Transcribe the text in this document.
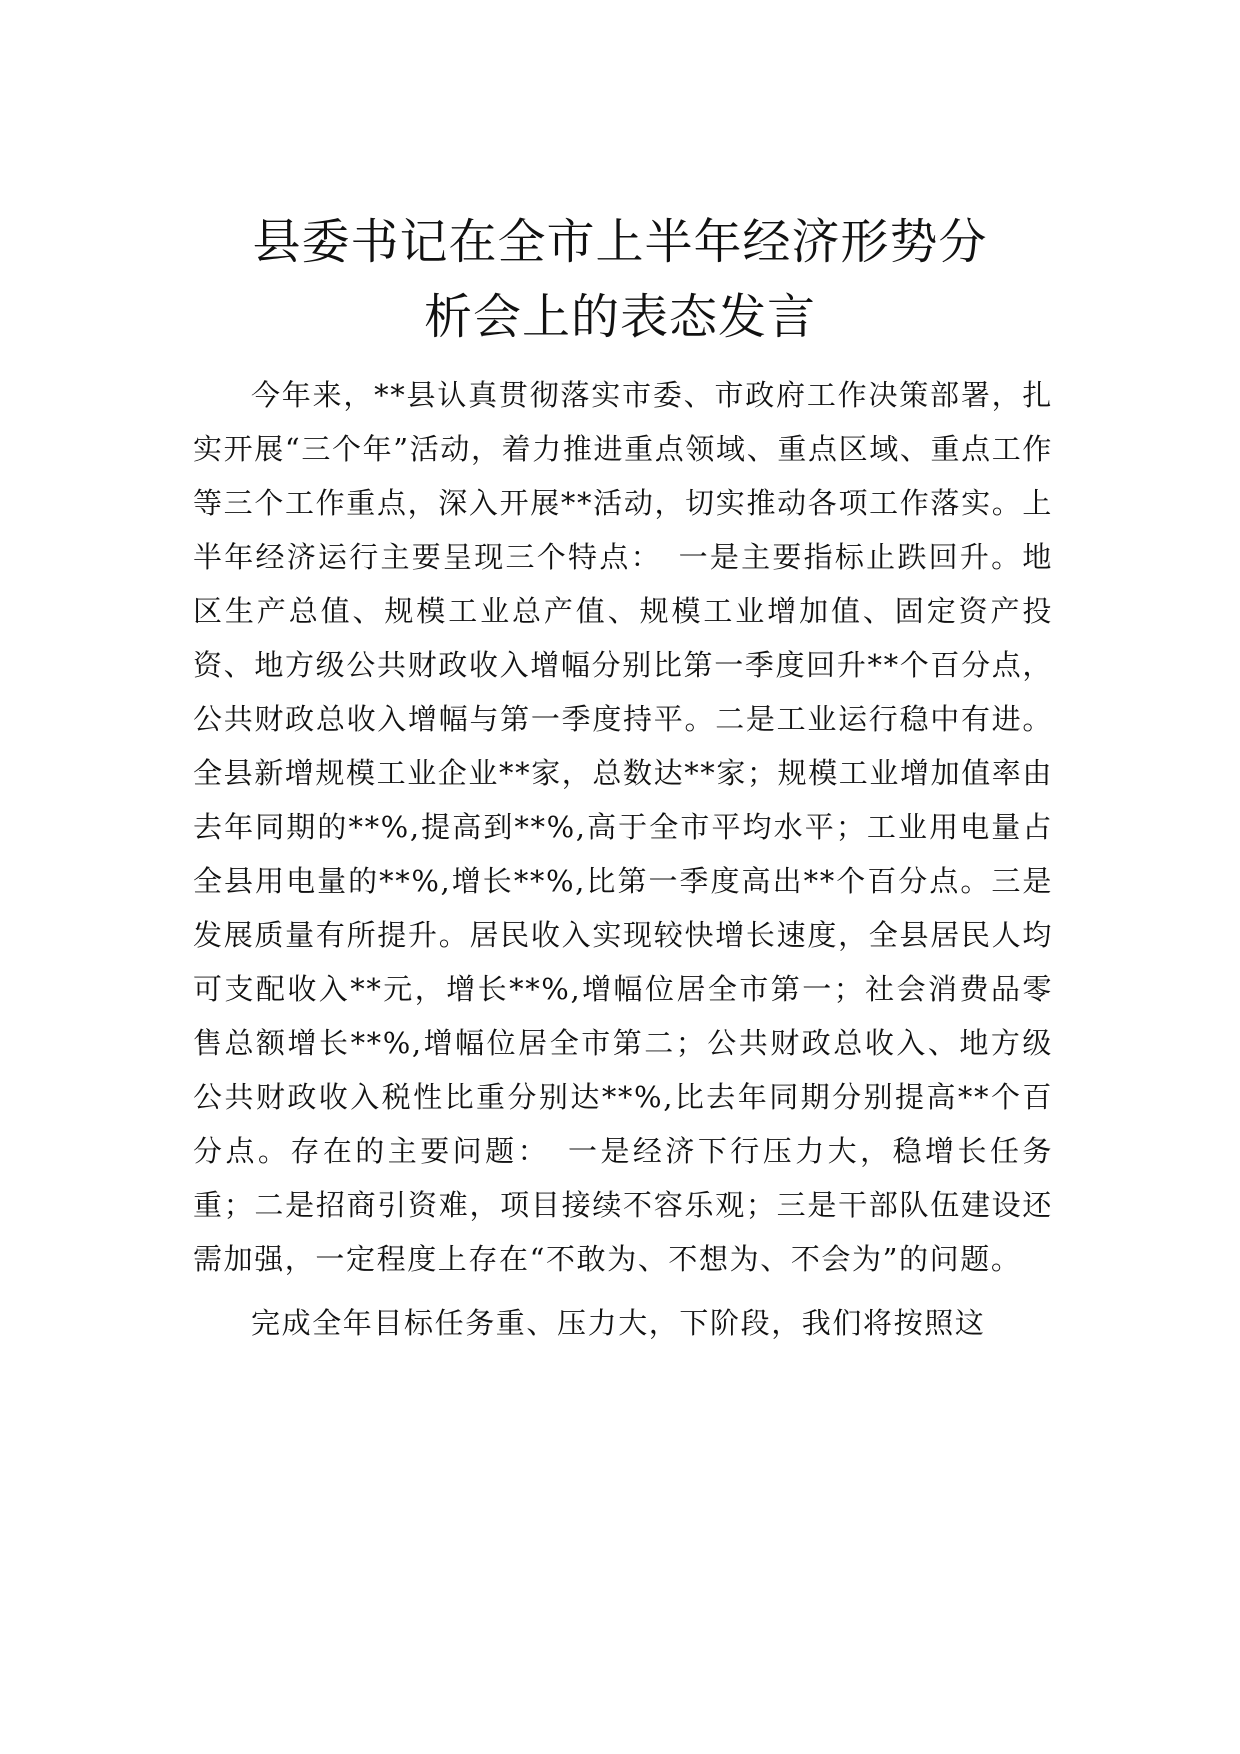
县委书记在全市上半年经济形势分
析会上的表态发言

今年来，**县认真贯彻落实市委、市政府工作决策部署，扎实开展“三个年”活动，着力推进重点领域、重点区域、重点工作等三个工作重点，深入开展**活动，切实推动各项工作落实。上半年经济运行主要呈现三个特点：　一是主要指标止跌回升。地区生产总值、规模工业总产值、规模工业增加值、固定资产投资、地方级公共财政收入增幅分别比第一季度回升**个百分点，公共财政总收入增幅与第一季度持平。二是工业运行稳中有进。全县新增规模工业企业**家，总数达**家；规模工业增加值率由去年同期的**%,提高到**%,高于全市平均水平；工业用电量占全县用电量的**%,增长**%,比第一季度高出**个百分点。三是发展质量有所提升。居民收入实现较快增长速度，全县居民人均可支配收入**元，增长**%,增幅位居全市第一；社会消费品零售总额增长**%,增幅位居全市第二；公共财政总收入、地方级公共财政收入税性比重分别达**%,比去年同期分别提高**个百分点。存在的主要问题：　一是经济下行压力大，稳增长任务重；二是招商引资难，项目接续不容乐观；三是干部队伍建设还需加强，一定程度上存在“不敢为、不想为、不会为”的问题。

完成全年目标任务重、压力大，下阶段，我们将按照这
